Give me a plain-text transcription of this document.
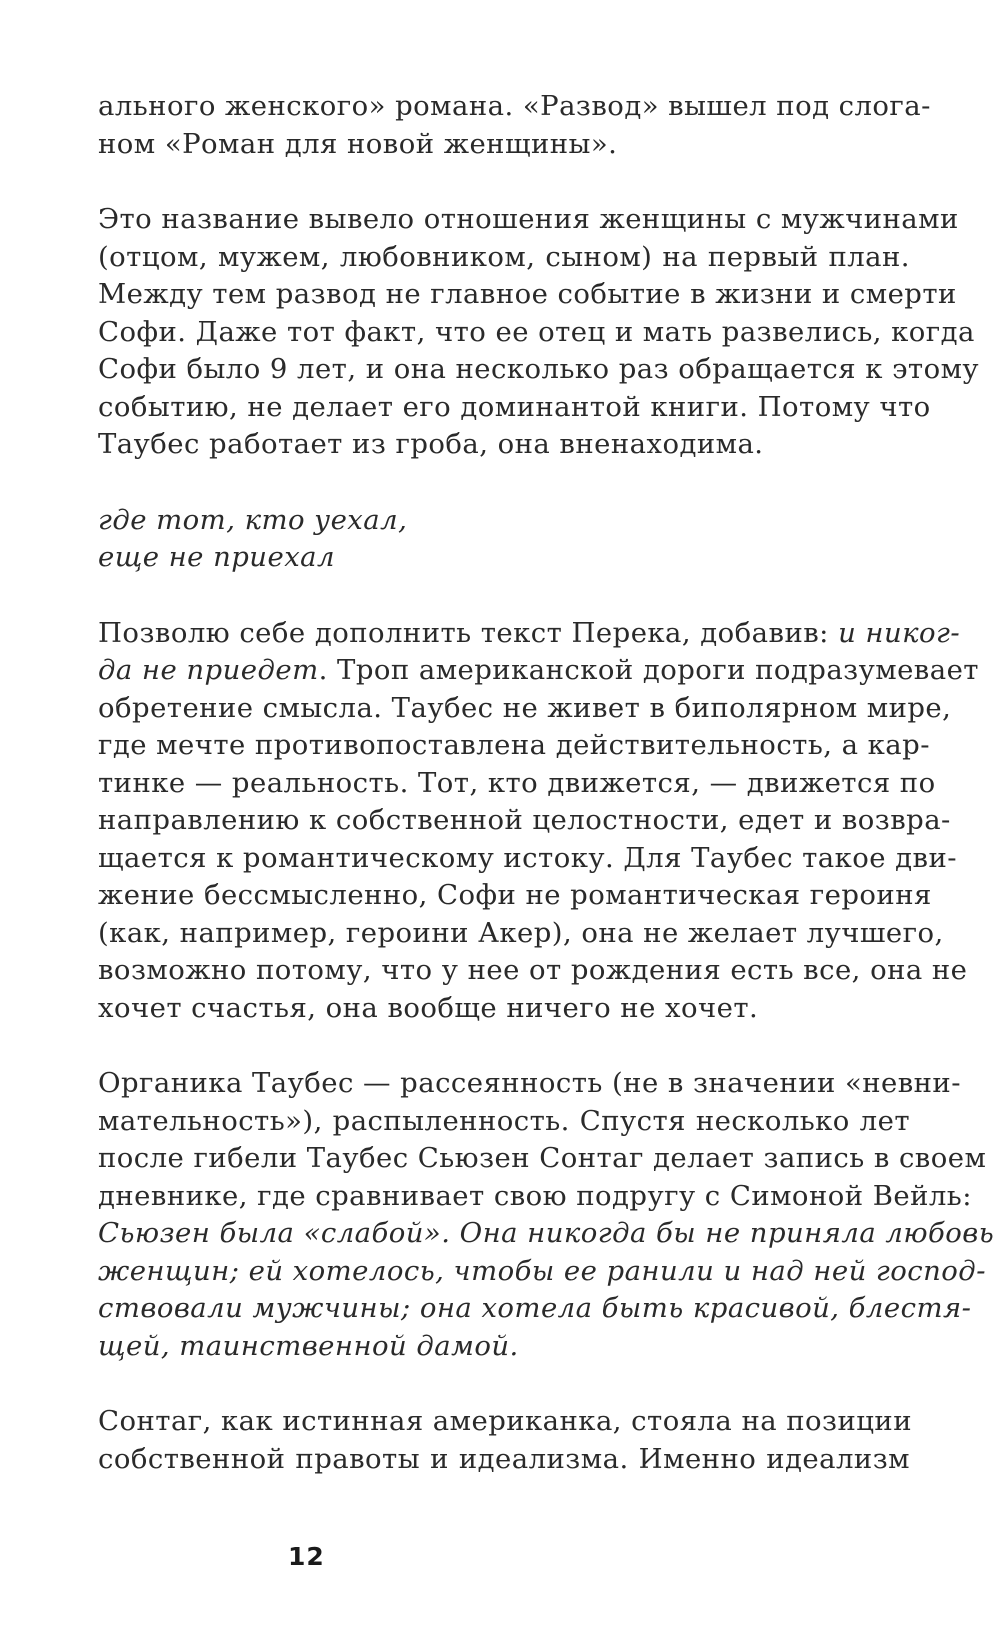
ального женского» романа. «Развод» вышел под слога-
ном «Роман для новой женщины».
Это название вывело отношения женщины с мужчинами
(отцом, мужем, любовником, сыном) на первый план.
Между тем развод не главное событие в жизни и смерти
Софи. Даже тот факт, что ее отец и мать развелись, когда
Софи было 9 лет, и она несколько раз обращается к этому
событию, не делает его доминантой книги. Потому что
Таубес работает из гроба, она вненаходима.
где тот, кто уехал,
еще не приехал
Позволю себе дополнить текст Перека, добавив: и никог-
да не приедет. Троп американской дороги подразумевает
обретение смысла. Таубес не живет в биполярном мире,
где мечте противопоставлена действительность, а кар-
тинке — реальность. Тот, кто движется, — движется по
направлению к собственной целостности, едет и возвра-
щается к романтическому истоку. Для Таубес такое дви-
жение бессмысленно, Софи не романтическая героиня
(как, например, героини Акер), она не желает лучшего,
возможно потому, что у нее от рождения есть все, она не
хочет счастья, она вообще ничего не хочет.
Органика Таубес — рассеянность (не в значении «невни-
мательность»), распыленность. Спустя несколько лет
после гибели Таубес Сьюзен Сонтаг делает запись в своем
дневнике, где сравнивает свою подругу с Симоной Вейль:
Сьюзен была «слабой». Она никогда бы не приняла любовь
женщин; ей хотелось, чтобы ее ранили и над ней господ-
ствовали мужчины; она хотела быть красивой, блестя-
щей, таинственной дамой.
Сонтаг, как истинная американка, стояла на позиции
собственной правоты и идеализма. Именно идеализм
12
